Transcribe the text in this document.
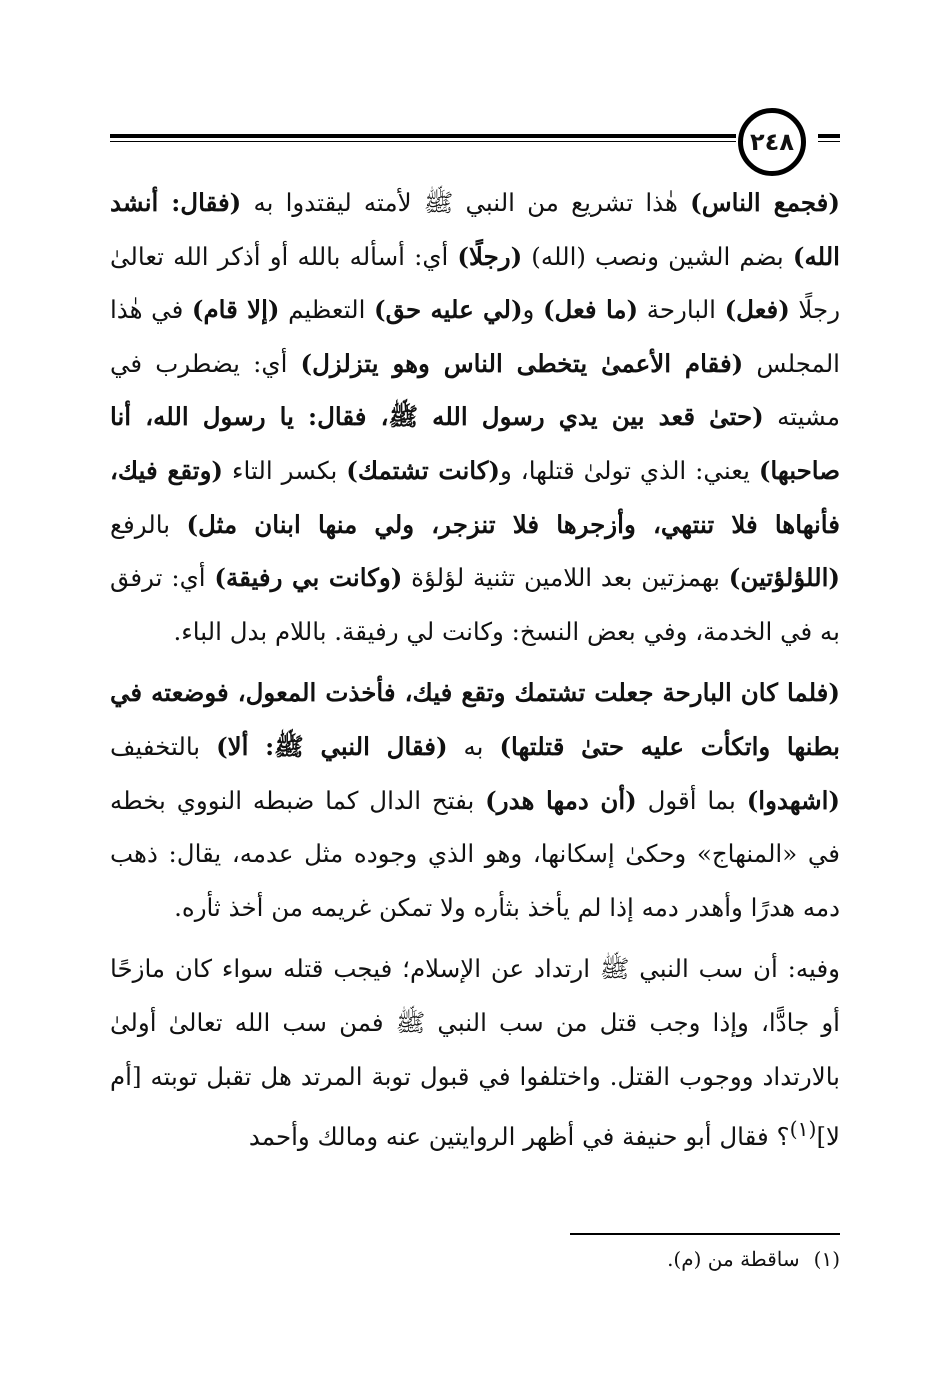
٢٤٨

(فجمع الناس) هٰذا تشريع من النبي ﷺ لأمته ليقتدوا به (فقال: أنشد الله) بضم الشين ونصب (الله) (رجلًا) أي: أسأله بالله أو أذكر الله تعالىٰ رجلًا (فعل) البارحة (ما فعل) و(لي عليه حق) التعظيم (إلا قام) في هٰذا المجلس (فقام الأعمىٰ يتخطى الناس وهو يتزلزل) أي: يضطرب في مشيته (حتىٰ قعد بين يدي رسول الله ﷺ، فقال: يا رسول الله، أنا صاحبها) يعني: الذي تولىٰ قتلها، و(كانت تشتمك) بكسر التاء (وتقع فيك، فأنهاها فلا تنتهي، وأزجرها فلا تنزجر، ولي منها ابنان مثل) بالرفع (اللؤلؤتين) بهمزتين بعد اللامين تثنية لؤلؤة (وكانت بي رفيقة) أي: ترفق به في الخدمة، وفي بعض النسخ: وكانت لي رفيقة. باللام بدل الباء.

(فلما كان البارحة جعلت تشتمك وتقع فيك، فأخذت المعول، فوضعته في بطنها واتكأت عليه حتىٰ قتلتها) به (فقال النبي ﷺ: ألا) بالتخفيف (اشهدوا) بما أقول (أن دمها هدر) بفتح الدال كما ضبطه النووي بخطه في «المنهاج» وحكىٰ إسكانها، وهو الذي وجوده مثل عدمه، يقال: ذهب دمه هدرًا وأهدر دمه إذا لم يأخذ بثأره ولا تمكن غريمه من أخذ ثأره.

وفيه: أن سب النبي ﷺ ارتداد عن الإسلام؛ فيجب قتله سواء كان مازحًا أو جادًّا، وإذا وجب قتل من سب النبي ﷺ فمن سب الله تعالىٰ أولىٰ بالارتداد ووجوب القتل. واختلفوا في قبول توبة المرتد هل تقبل توبته [أم لا]$^{(١)}$؟ فقال أبو حنيفة في أظهر الروايتين عنه ومالك وأحمد

(١)ساقطة من (م).
